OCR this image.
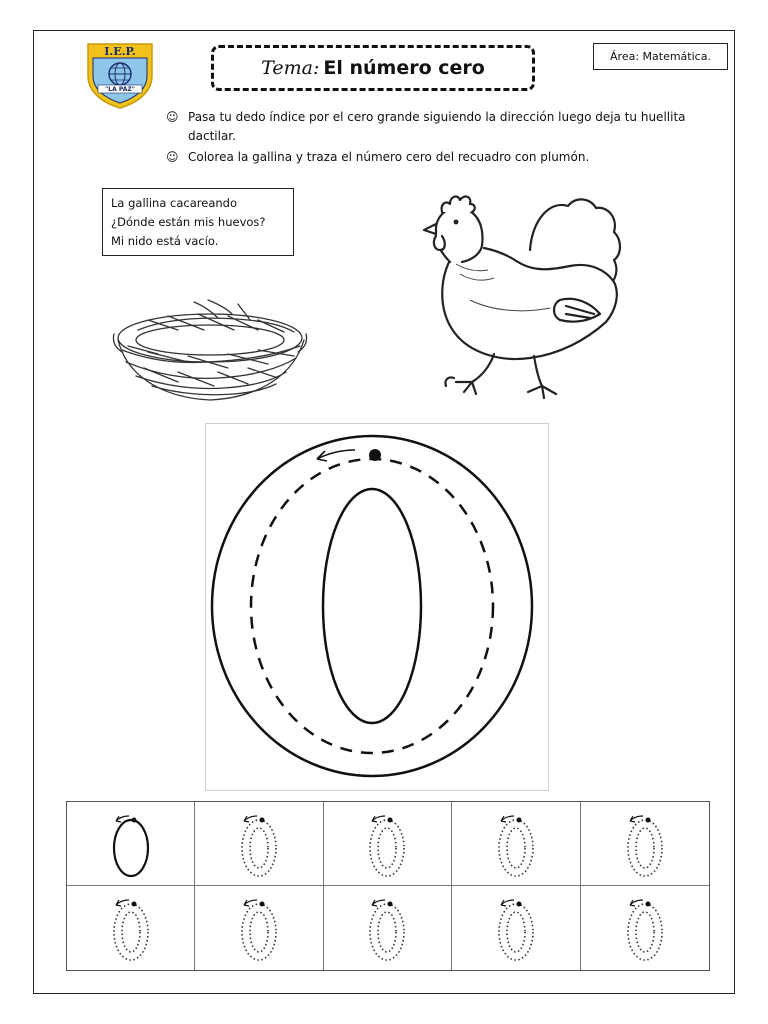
I.E.P.
"LA PAZ"
Tema: El número cero
Área: Matemática.
☺ Pasa tu dedo índice por el cero grande siguiendo la dirección luego deja tu huellita dactilar.
☺ Colorea la gallina y traza el número cero del recuadro con plumón.
La gallina cacareando
¿Dónde están mis huevos?
Mi nido está vacío.
